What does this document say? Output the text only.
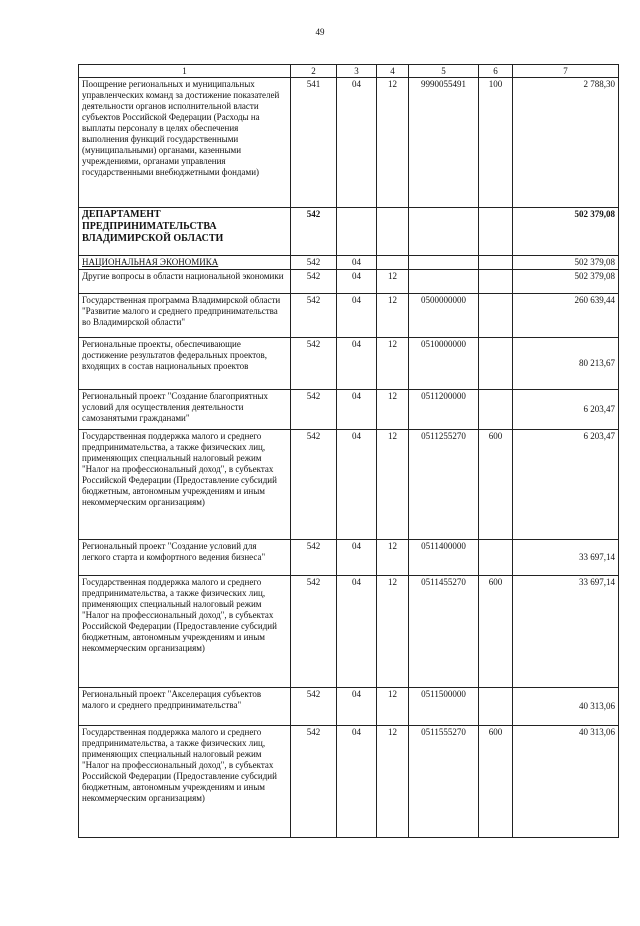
49
1	2	3	4	5	6	7
Поощрение региональных и муниципальных управленческих команд за достижение показателей деятельности органов исполнительной власти субъектов Российской Федерации (Расходы на выплаты персоналу в целях обеспечения выполнения функций государственными (муниципальными) органами, казенными учреждениями, органами управления государственными внебюджетными фондами)	541	04	12	9990055491	100	2 788,30
ДЕПАРТАМЕНТ ПРЕДПРИНИМАТЕЛЬСТВА ВЛАДИМИРСКОЙ ОБЛАСТИ	542					502 379,08
НАЦИОНАЛЬНАЯ ЭКОНОМИКА	542	04				502 379,08
Другие вопросы в области национальной экономики	542	04	12			502 379,08
Государственная программа Владимирской области "Развитие малого и среднего предпринимательства во Владимирской области"	542	04	12	0500000000		260 639,44
Региональные проекты, обеспечивающие достижение результатов федеральных проектов, входящих в состав национальных проектов	542	04	12	0510000000		80 213,67
Региональный проект "Создание благоприятных условий для осуществления деятельности самозанятыми гражданами"	542	04	12	0511200000		6 203,47
Государственная поддержка малого и среднего предпринимательства, а также физических лиц, применяющих специальный налоговый режим "Налог на профессиональный доход", в субъектах Российской Федерации (Предоставление субсидий бюджетным, автономным учреждениям и иным некоммерческим организациям)	542	04	12	0511255270	600	6 203,47
Региональный проект "Создание условий для легкого старта и комфортного ведения бизнеса"	542	04	12	0511400000		33 697,14
Государственная поддержка малого и среднего предпринимательства, а также физических лиц, применяющих специальный налоговый режим "Налог на профессиональный доход", в субъектах Российской Федерации (Предоставление субсидий бюджетным, автономным учреждениям и иным некоммерческим организациям)	542	04	12	0511455270	600	33 697,14
Региональный проект "Акселерация субъектов малого и среднего предпринимательства"	542	04	12	0511500000		40 313,06
Государственная поддержка малого и среднего предпринимательства, а также физических лиц, применяющих специальный налоговый режим "Налог на профессиональный доход", в субъектах Российской Федерации (Предоставление субсидий бюджетным, автономным учреждениям и иным некоммерческим организациям)	542	04	12	0511555270	600	40 313,06
